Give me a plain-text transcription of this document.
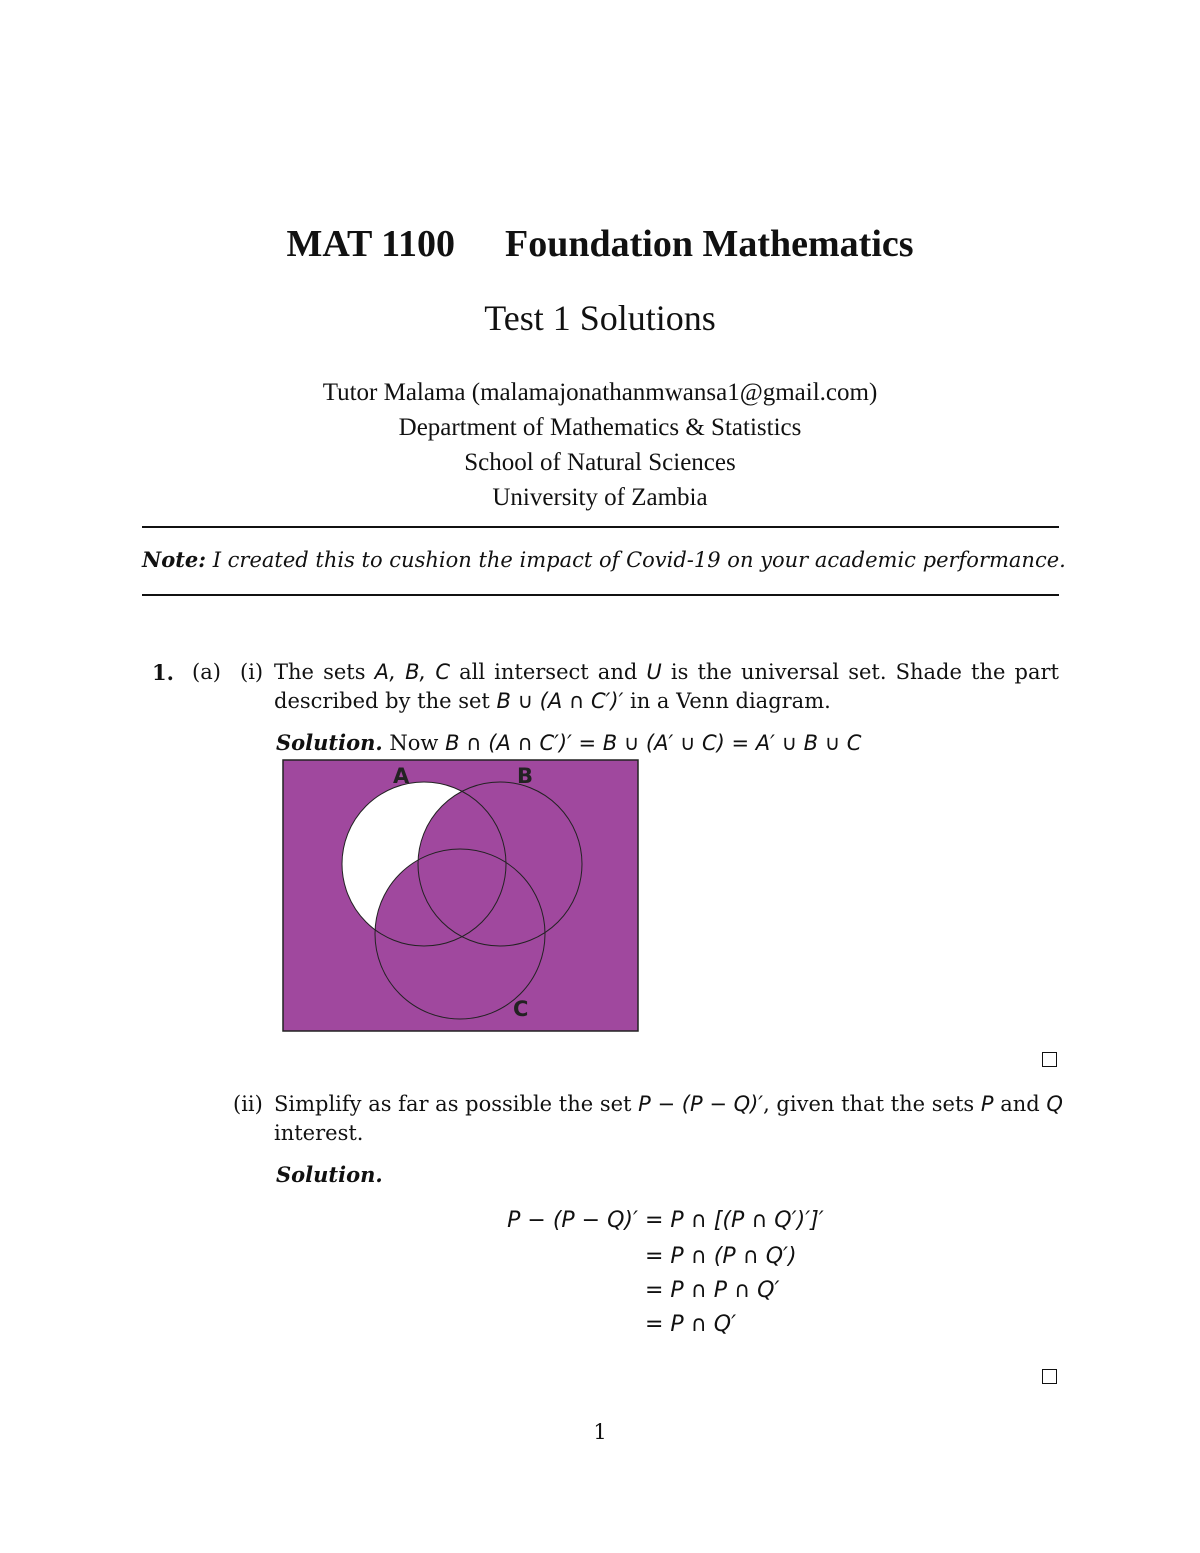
MAT 1100 Foundation Mathematics
Test 1 Solutions
Tutor Malama (malamajonathanmwansa1@gmail.com)
Department of Mathematics & Statistics
School of Natural Sciences
University of Zambia
Note: I created this to cushion the impact of Covid-19 on your academic performance.
1. (a) (i) The sets A, B, C all intersect and U is the universal set. Shade the part
described by the set B ∪ (A ∩ C′)′ in a Venn diagram.
Solution. Now B ∩ (A ∩ C′)′ = B ∪ (A′ ∪ C) = A′ ∪ B ∪ C
A	B
C
(ii) Simplify as far as possible the set P − (P − Q)′, given that the sets P and Q
interest.
Solution.
P − (P − Q)′ = P ∩ [(P ∩ Q′)′]′
= P ∩ (P ∩ Q′)
= P ∩ P ∩ Q′
= P ∩ Q′
1
